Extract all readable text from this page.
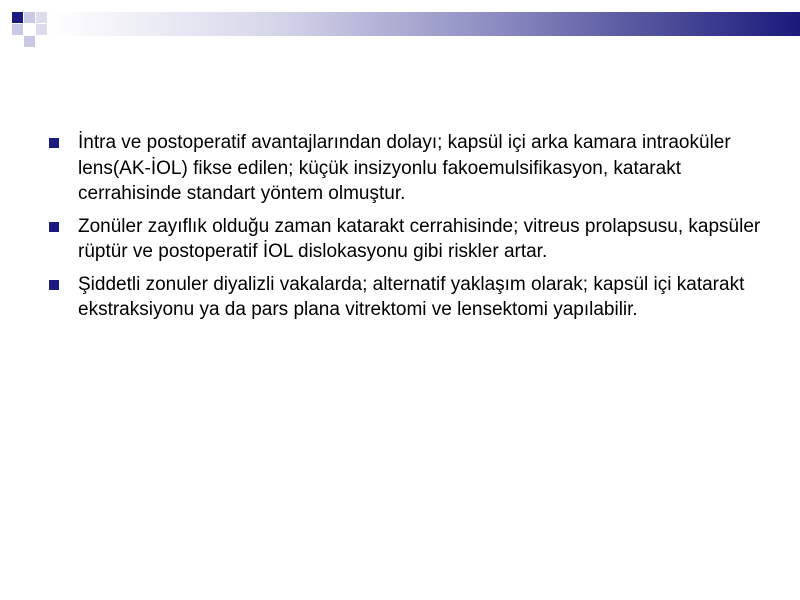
İntra ve postoperatif avantajlarından dolayı; kapsül içi arka kamara intraoküler lens(AK-İOL) fikse edilen; küçük insizyonlu fakoemulsifikasyon, katarakt cerrahisinde standart yöntem olmuştur.
Zonüler zayıflık olduğu zaman katarakt cerrahisinde; vitreus prolapsusu, kapsüler rüptür ve postoperatif İOL dislokasyonu gibi riskler artar.
Şiddetli zonuler diyalizli vakalarda; alternatif yaklaşım olarak; kapsül içi katarakt ekstraksiyonu ya da pars plana vitrektomi ve lensektomi yapılabilir.
